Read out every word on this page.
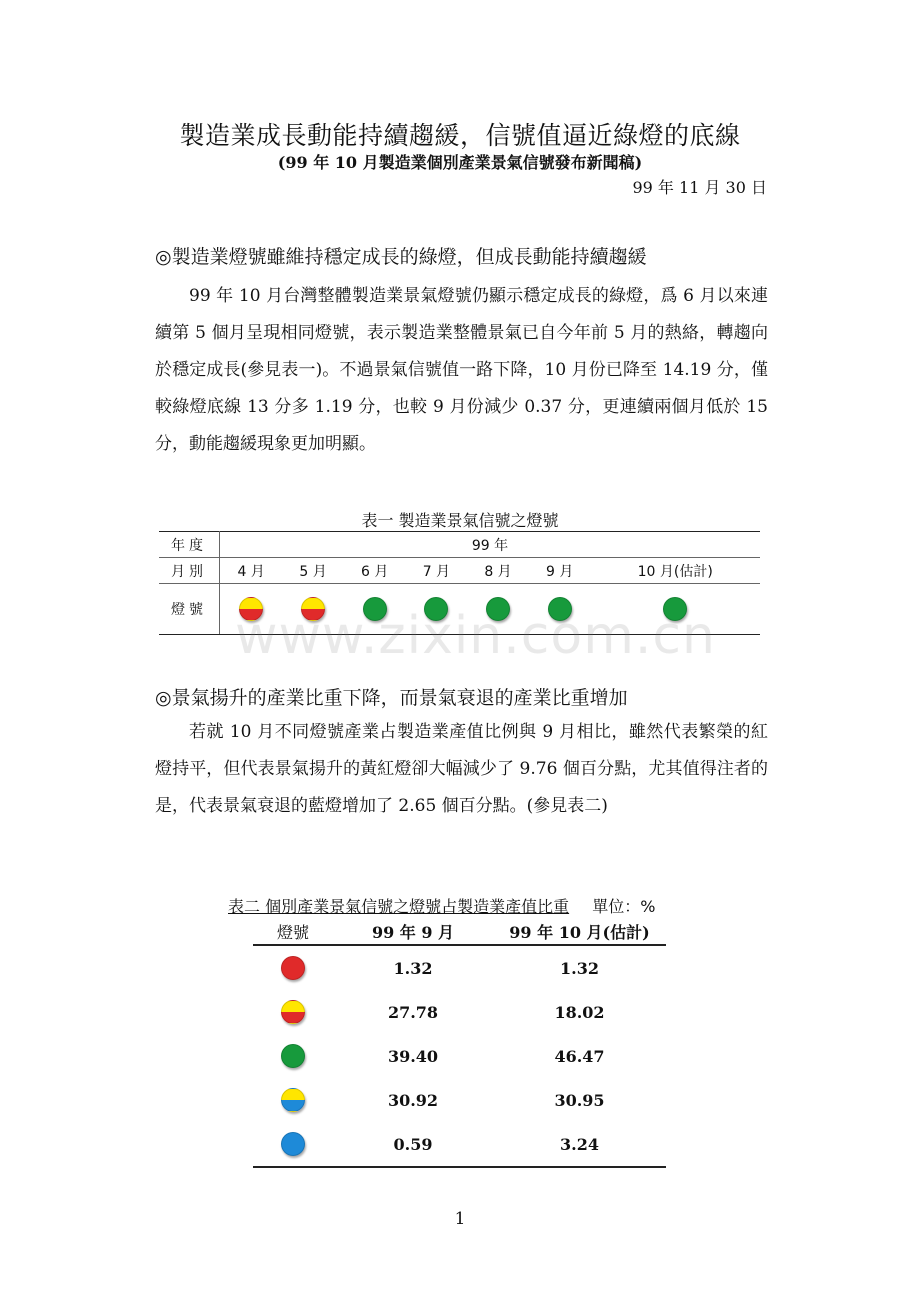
製造業成長動能持續趨緩，信號值逼近綠燈的底線
(99 年 10 月製造業個別產業景氣信號發布新聞稿)
99 年 11 月 30 日
◎製造業燈號雖維持穩定成長的綠燈，但成長動能持續趨緩
99 年 10 月台灣整體製造業景氣燈號仍顯示穩定成長的綠燈，爲 6 月以來連續第 5 個月呈現相同燈號，表示製造業整體景氣已自今年前 5 月的熱絡，轉趨向於穩定成長(參見表一)。不過景氣信號值一路下降，10 月份已降至 14.19 分，僅較綠燈底線 13 分多 1.19 分，也較 9 月份減少 0.37 分，更連續兩個月低於 15 分，動能趨緩現象更加明顯。
表一 製造業景氣信號之燈號
年度	99 年						
月別	4 月	5 月	6 月	7 月	8 月	9 月	10 月(估計)
燈號							www.zixin.com.cn
◎景氣揚升的產業比重下降，而景氣衰退的產業比重增加
若就 10 月不同燈號產業占製造業產值比例與 9 月相比，雖然代表繁榮的紅燈持平，但代表景氣揚升的黃紅燈卻大幅減少了 9.76 個百分點，尤其值得注者的是，代表景氣衰退的藍燈增加了 2.65 個百分點。(參見表二)
表二 個別產業景氣信號之燈號占製造業產值比重 單位：%
燈號	99 年 9 月	99 年 10 月(估計)
	1.32	1.32
	27.78	18.02
	39.40	46.47
	30.92	30.95
	0.59	3.24
1
